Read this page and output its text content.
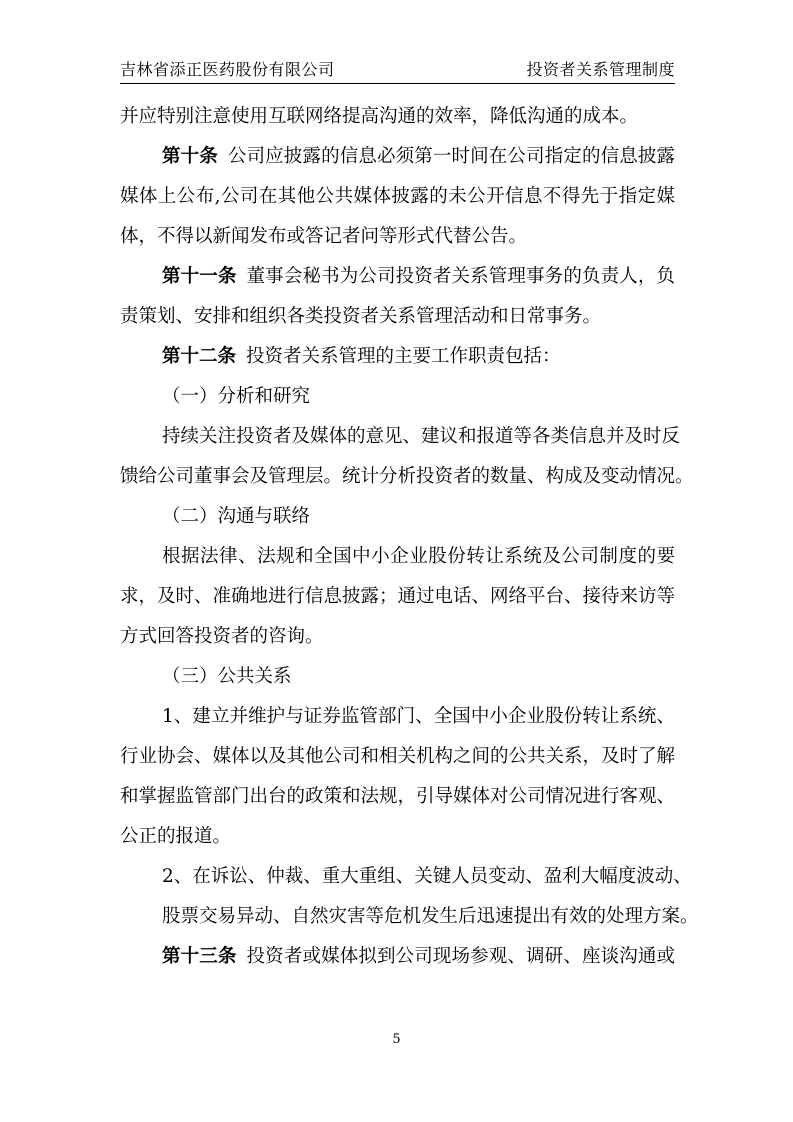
吉林省添正医药股份有限公司	投资者关系管理制度
并应特别注意使用互联网络提高沟通的效率，降低沟通的成本。
第十条 公司应披露的信息必须第一时间在公司指定的信息披露
媒体上公布,公司在其他公共媒体披露的未公开信息不得先于指定媒
体，不得以新闻发布或答记者问等形式代替公告。
第十一条 董事会秘书为公司投资者关系管理事务的负责人，负
责策划、安排和组织各类投资者关系管理活动和日常事务。
第十二条 投资者关系管理的主要工作职责包括：
（一）分析和研究
持续关注投资者及媒体的意见、建议和报道等各类信息并及时反
馈给公司董事会及管理层。统计分析投资者的数量、构成及变动情况。
（二）沟通与联络
根据法律、法规和全国中小企业股份转让系统及公司制度的要
求，及时、准确地进行信息披露；通过电话、网络平台、接待来访等
方式回答投资者的咨询。
（三）公共关系
1、建立并维护与证券监管部门、全国中小企业股份转让系统、
行业协会、媒体以及其他公司和相关机构之间的公共关系，及时了解
和掌握监管部门出台的政策和法规，引导媒体对公司情况进行客观、
公正的报道。
2、在诉讼、仲裁、重大重组、关键人员变动、盈利大幅度波动、
股票交易异动、自然灾害等危机发生后迅速提出有效的处理方案。
第十三条 投资者或媒体拟到公司现场参观、调研、座谈沟通或
5
